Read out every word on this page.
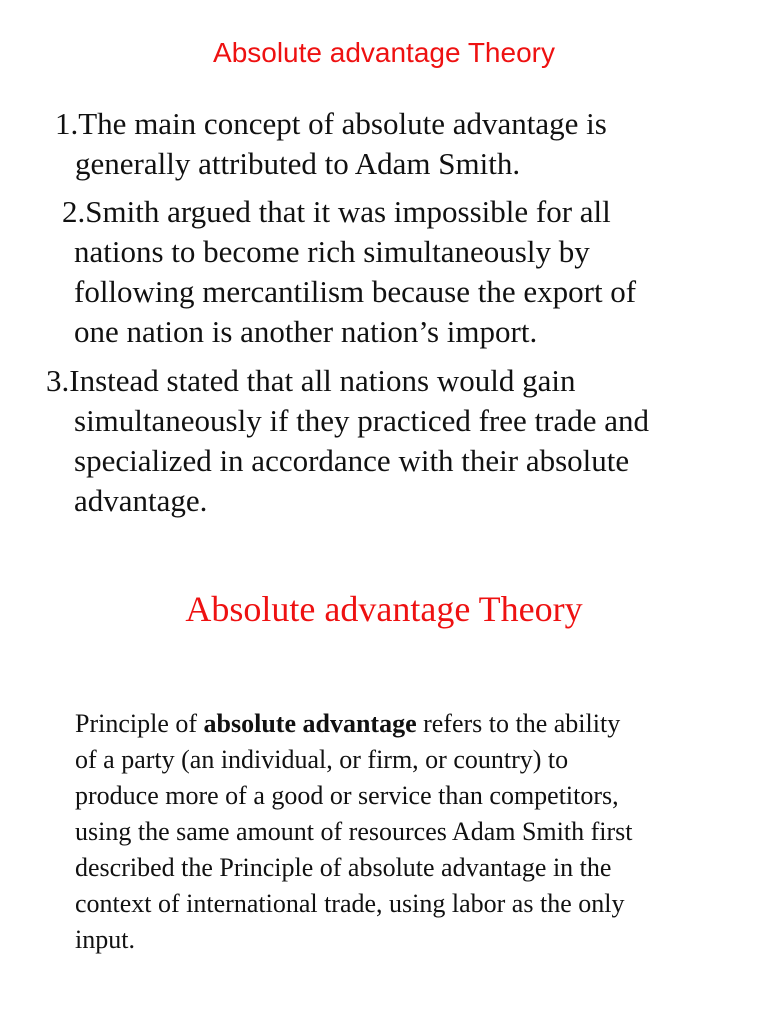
Absolute advantage Theory

1.The main concept of absolute advantage is
generally attributed to Adam Smith.

2.Smith argued that it was impossible for all
nations to become rich simultaneously by
following mercantilism because the export of
one nation is another nation’s import.

3.Instead stated that all nations would gain
simultaneously if they practiced free trade and
specialized in accordance with their absolute
advantage.

Absolute advantage Theory

Principle of absolute advantage refers to the ability
of a party (an individual, or firm, or country) to
produce more of a good or service than competitors,
using the same amount of resources Adam Smith first
described the Principle of absolute advantage in the
context of international trade, using labor as the only
input.
